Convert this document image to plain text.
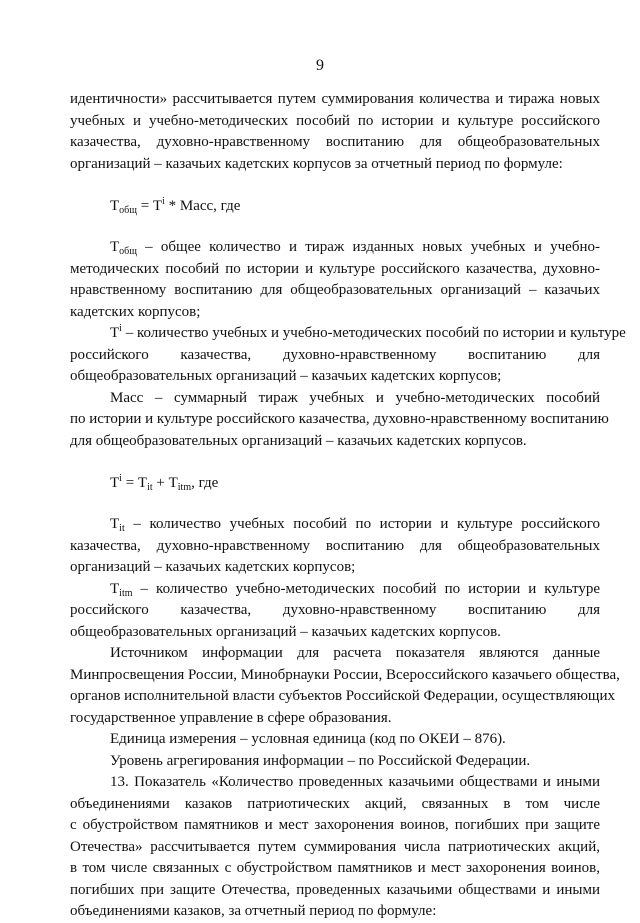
9
идентичности» рассчитывается путем суммирования количества и тиража новых
учебных и учебно-методических пособий по истории и культуре российского
казачества, духовно-нравственному воспитанию для общеобразовательных
организаций – казачьих кадетских корпусов за отчетный период по формуле:
$Т_{общ} = Т^i$ * Масс, где
$Т_{общ}$ – общее количество и тираж изданных новых учебных и учебно-
методических пособий по истории и культуре российского казачества, духовно-
нравственному воспитанию для общеобразовательных организаций – казачьих
кадетских корпусов;
$Т^i$ – количество учебных и учебно-методических пособий по истории и культуре
российского казачества, духовно-нравственному воспитанию для
общеобразовательных организаций – казачьих кадетских корпусов;
Масс – суммарный тираж учебных и учебно-методических пособий
по истории и культуре российского казачества, духовно-нравственному воспитанию
для общеобразовательных организаций – казачьих кадетских корпусов.
$Т^i = Т_{it} + Т_{itm}$, где
$Т_{it}$ – количество учебных пособий по истории и культуре российского
казачества, духовно-нравственному воспитанию для общеобразовательных
организаций – казачьих кадетских корпусов;
$Т_{itm}$ – количество учебно-методических пособий по истории и культуре
российского казачества, духовно-нравственному воспитанию для
общеобразовательных организаций – казачьих кадетских корпусов.
Источником информации для расчета показателя являются данные
Минпросвещения России, Минобрнауки России, Всероссийского казачьего общества,
органов исполнительной власти субъектов Российской Федерации, осуществляющих
государственное управление в сфере образования.
Единица измерения – условная единица (код по ОКЕИ – 876).
Уровень агрегирования информации – по Российской Федерации.
13. Показатель «Количество проведенных казачьими обществами и иными
объединениями казаков патриотических акций, связанных в том числе
с обустройством памятников и мест захоронения воинов, погибших при защите
Отечества» рассчитывается путем суммирования числа патриотических акций,
в том числе связанных с обустройством памятников и мест захоронения воинов,
погибших при защите Отечества, проведенных казачьими обществами и иными
объединениями казаков, за отчетный период по формуле:
